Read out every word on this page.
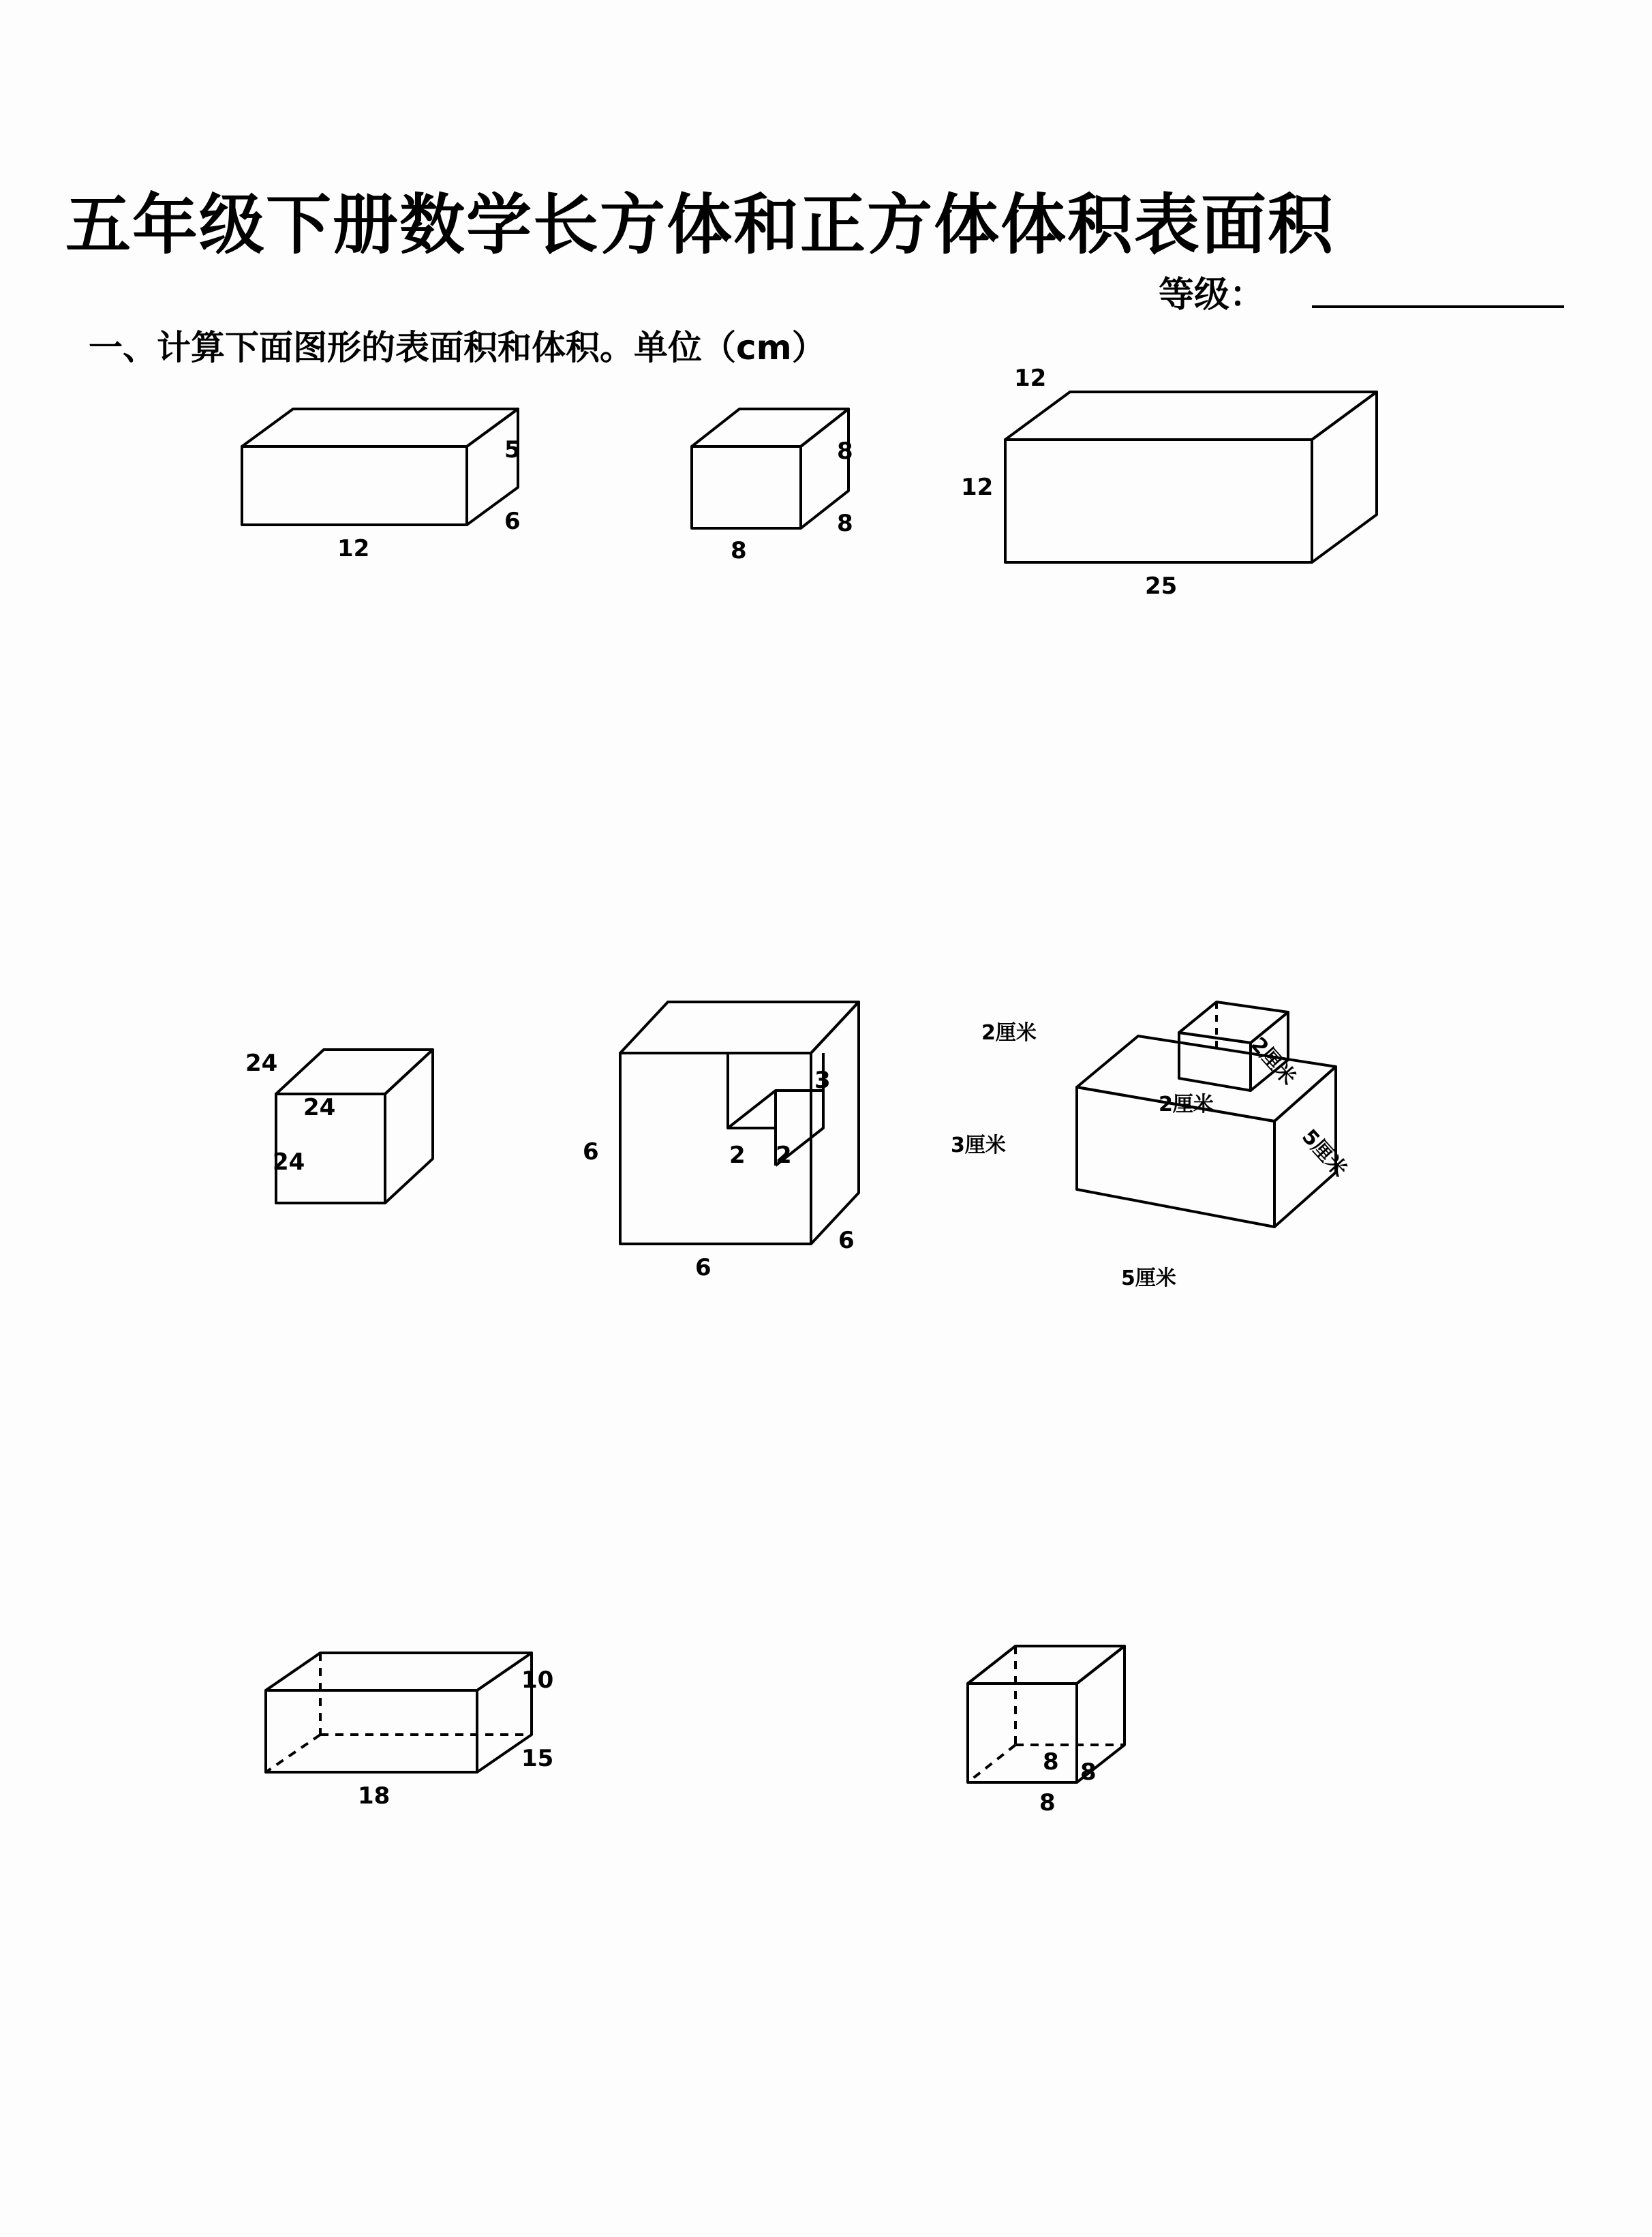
五年级下册数学长方体和正方体体积表面积
等级：
一、计算下面图形的表面积和体积。单位（cm）
5
6
12
8
8
8
12
12
25
24
24
24	6
6
6
2 2
3
2厘米
2厘米
2厘米
3厘米
5厘米
5厘米
10
15
18
8 8
8
